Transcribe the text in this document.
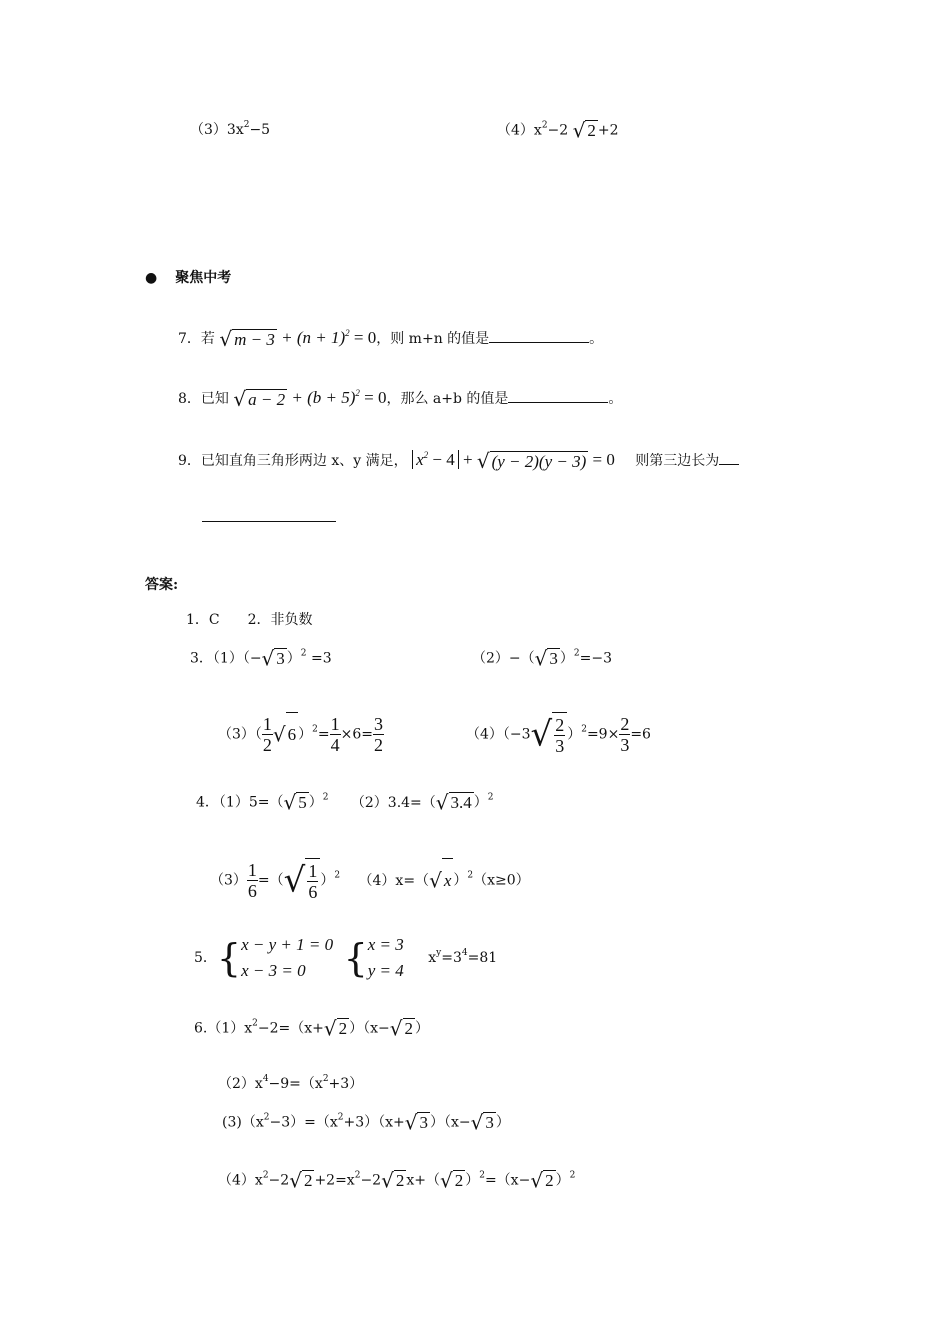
$(3)3x^2-5$	$(4)x^2-2$ √ 2 +2
● 聚焦中考
7．若 √ $m - 3 + (n + 1)^2 = 0$，则 m+n 的值是	。
8．已知 √ $a - 2 + (b + 5)^2 = 0$，那么 a+b 的值是	。
9．已知直角三角形两边 x、y 满足， $x^2 - 4$ + √ (y − 2)(y − 3) = 0 则第三边长为
答案:
1．C　　2．非负数
3．（1）（−√ 3 ）$^2$ =3	（2）−（√ 3 ）$^2$=−3
$(3)( \frac{1}{2}$ √ 6 ）$^2= \frac{1}{4} \times 6= \frac{3}{2}$	$(4)(-3√ \frac{2}{3} )^2=9\times \frac{2}{3} =6$
4．（1）5=（√ 5 ）$^2$ （2）3.4=（√ 3.4 ）$^2$
$(3) \frac{1}{6}$ =（√ $\frac{1}{6} )^2$ （4）x=（√ x ）$^2$（x≥0）
5．{ x − y + 1 = 0
x − 3 = 0 { x = 3
y = 4
$x^y=3^4=81$
$6.(1)x^2-2=(x+√$ 2 ）（x−√ 2 ）
$(2)x^4-9=(x^2+3)$
$(3)(x^2-3)=(x^2+3)(x+√$ 3 ）（x−√ 3 ）
$(4)x^2-2√$ $2 +2=x^2-2√$ 2 x+（√ 2 ）$^2$=（x−√ 2 ）$^2$
